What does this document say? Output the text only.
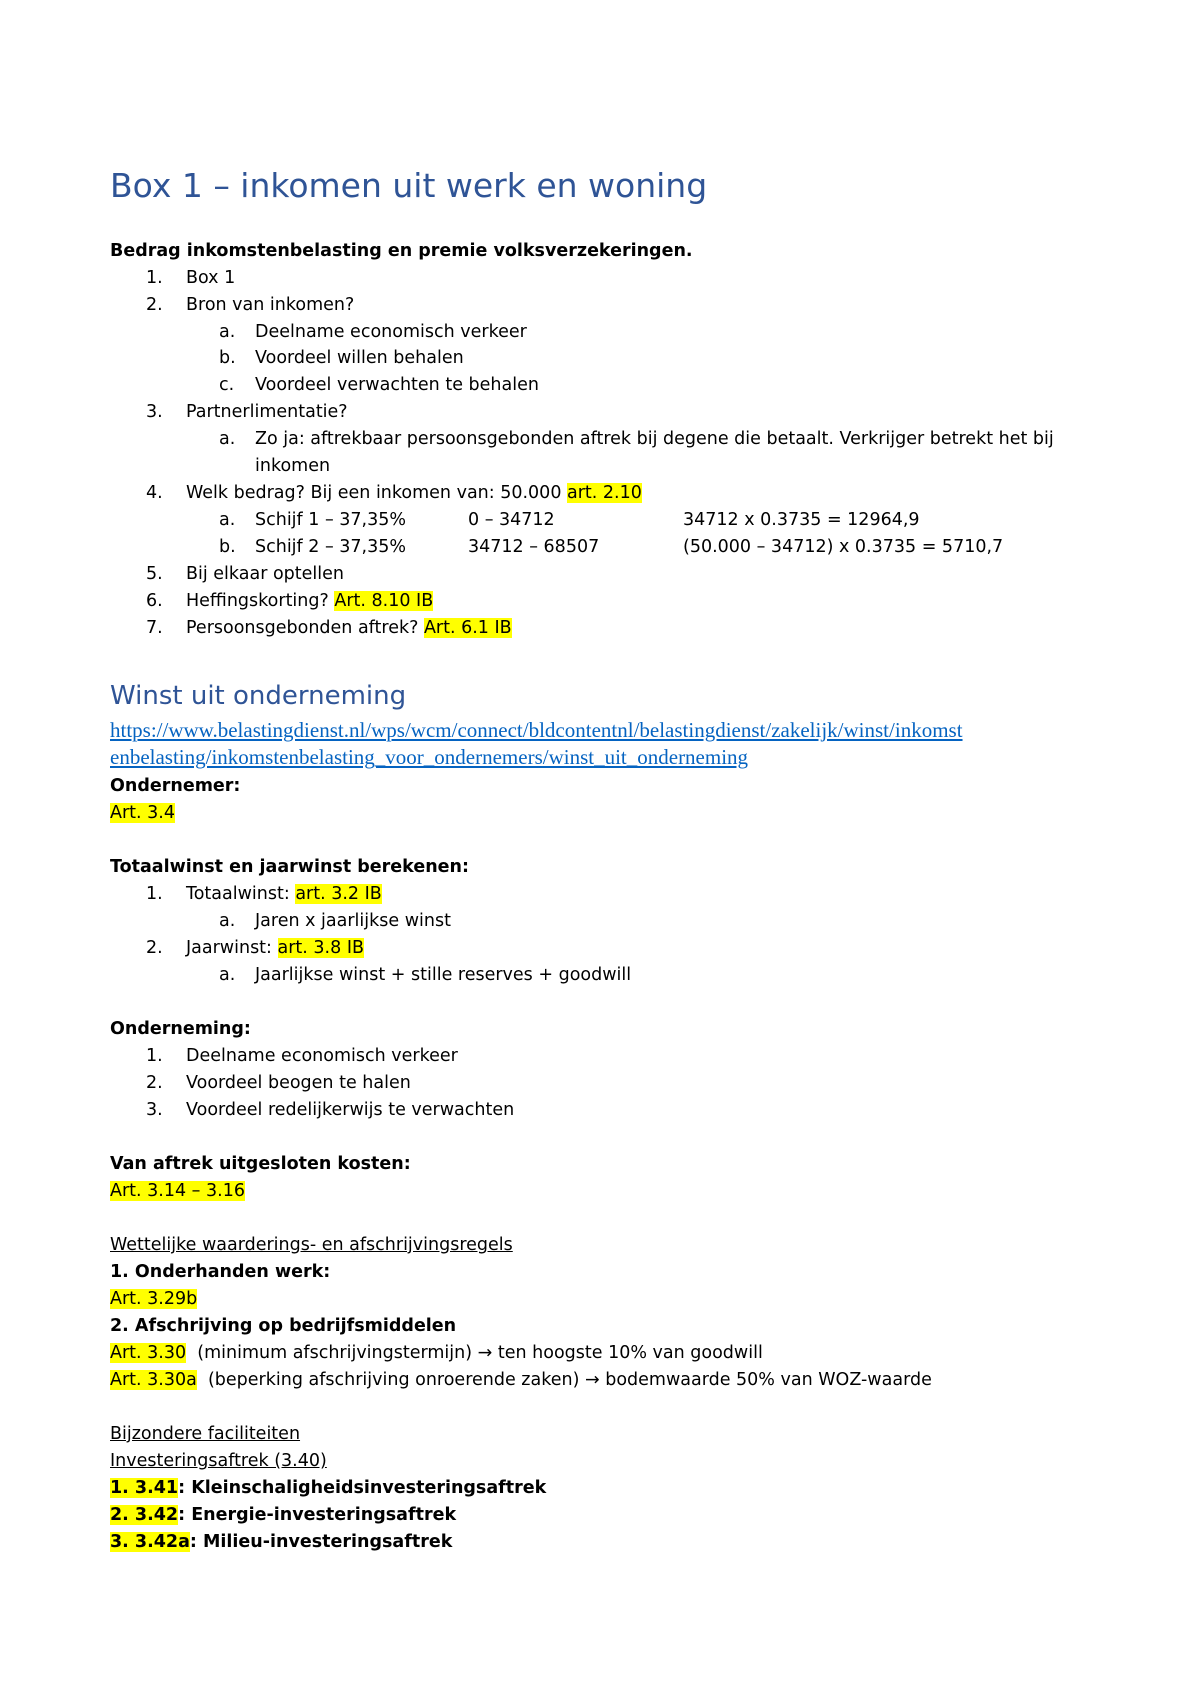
Box 1 – inkomen uit werk en woning
Bedrag inkomstenbelasting en premie volksverzekeringen.
1. Box 1
2. Bron van inkomen?
a. Deelname economisch verkeer
b. Voordeel willen behalen
c. Voordeel verwachten te behalen
3. Partnerlimentatie?
a. Zo ja: aftrekbaar persoonsgebonden aftrek bij degene die betaalt. Verkrijger betrekt het bij
inkomen
4. Welk bedrag? Bij een inkomen van: 50.000 art. 2.10
a. Schijf 1 – 37,35%	0 – 34712	34712 x 0.3735 = 12964,9
b. Schijf 2 – 37,35%	34712 – 68507	(50.000 – 34712) x 0.3735 = 5710,7
5. Bij elkaar optellen
6. Heffingskorting? Art. 8.10 IB
7. Persoonsgebonden aftrek? Art. 6.1 IB
Winst uit onderneming
https://www.belastingdienst.nl/wps/wcm/connect/bldcontentnl/belastingdienst/zakelijk/winst/inkomst
enbelasting/inkomstenbelasting_voor_ondernemers/winst_uit_onderneming
Ondernemer:
Art. 3.4
Totaalwinst en jaarwinst berekenen:
1. Totaalwinst: art. 3.2 IB
a. Jaren x jaarlijkse winst
2. Jaarwinst: art. 3.8 IB
a. Jaarlijkse winst + stille reserves + goodwill
Onderneming:
1. Deelname economisch verkeer
2. Voordeel beogen te halen
3. Voordeel redelijkerwijs te verwachten
Van aftrek uitgesloten kosten:
Art. 3.14 – 3.16
Wettelijke waarderings- en afschrijvingsregels
1. Onderhanden werk:
Art. 3.29b
2. Afschrijving op bedrijfsmiddelen
Art. 3.30  (minimum afschrijvingstermijn) → ten hoogste 10% van goodwill
Art. 3.30a  (beperking afschrijving onroerende zaken) → bodemwaarde 50% van WOZ-waarde
Bijzondere faciliteiten
Investeringsaftrek (3.40)
1. 3.41: Kleinschaligheidsinvesteringsaftrek
2. 3.42: Energie-investeringsaftrek
3. 3.42a: Milieu-investeringsaftrek
